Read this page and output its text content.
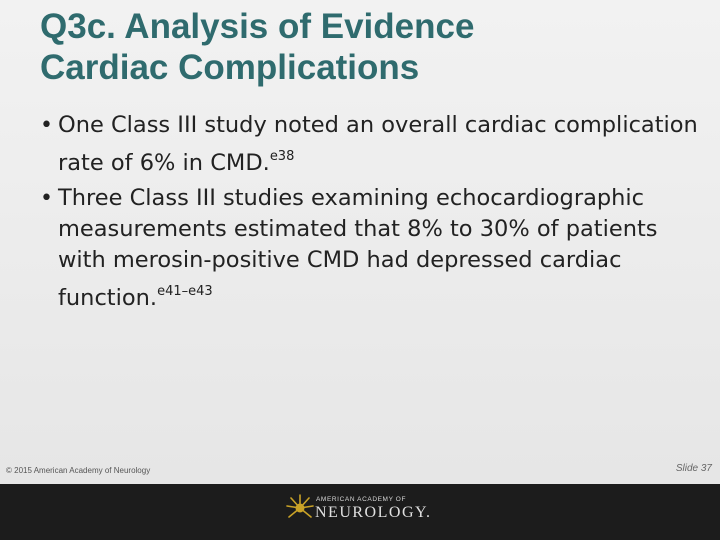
Q3c. Analysis of Evidence
Cardiac Complications
• One Class III study noted an overall cardiac complication rate of 6% in CMD.$^{e38}$
• Three Class III studies examining echocardiographic measurements estimated that 8% to 30% of patients with merosin-positive CMD had depressed cardiac function.$^{e41-e43}$
© 2015 American Academy of Neurology	Slide 37
AMERICAN ACADEMY OF
NEUROLOGY.
